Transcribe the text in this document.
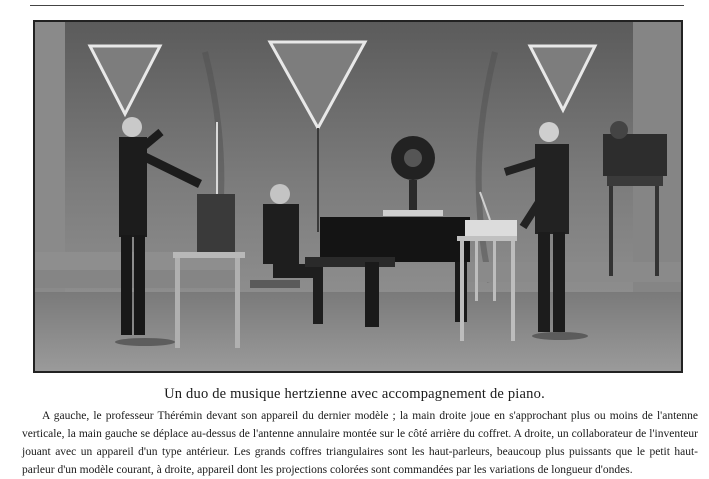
Un duo de musique hertzienne avec accompagnement de piano.
A gauche, le professeur Thérémin devant son appareil du dernier modèle ; la main droite joue en s'approchant plus ou moins de l'antenne verticale, la main gauche se déplace au-dessus de l'antenne annulaire montée sur le côté arrière du coffret. A droite, un collaborateur de l'inventeur jouant avec un appareil d'un type antérieur. Les grands coffres triangulaires sont les haut-parleurs, beaucoup plus puissants que le petit haut-parleur d'un modèle courant, à droite, appareil dont les projections colorées sont commandées par les variations de longueur d'ondes.
